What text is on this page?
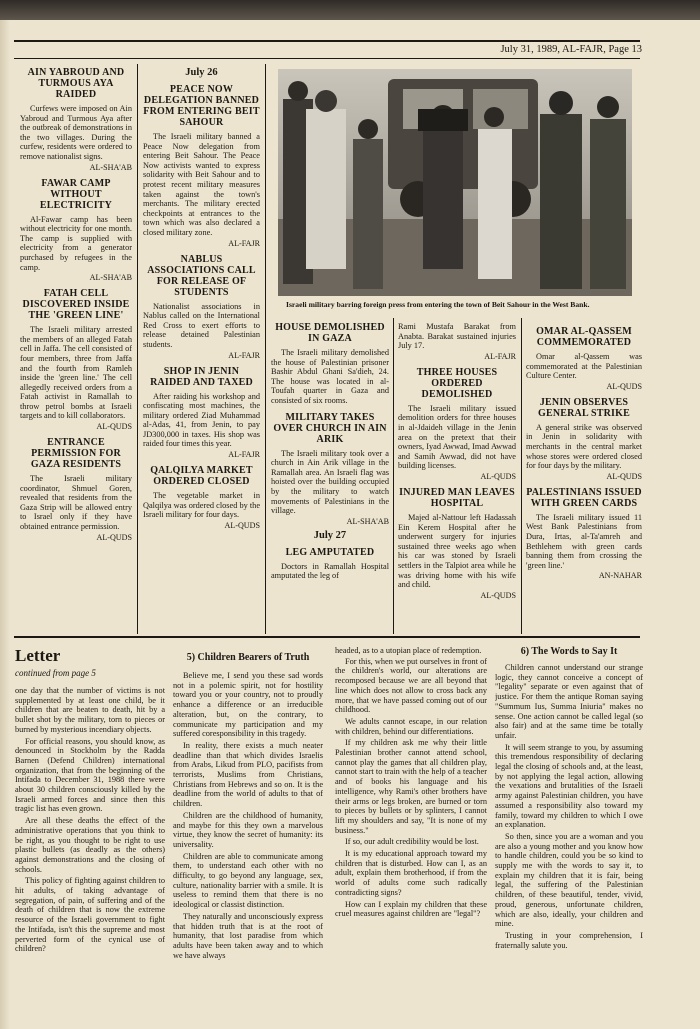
July 31, 1989, AL-FAJR, Page 13
AIN YABROUD AND TURMOUS AYA RAIDED
Curfews were imposed on Ain Yabroud and Turmous Aya after the outbreak of demonstrations in the two villages. During the curfew, residents were ordered to remove nationalist signs.
AL-SHA'AB
FAWAR CAMP WITHOUT ELECTRICITY
Al-Fawar camp has been without electricity for one month. The camp is supplied with electricity from a generator purchased by refugees in the camp.
AL-SHA'AB
FATAH CELL DISCOVERED INSIDE THE 'GREEN LINE'
The Israeli military arrested the members of an alleged Fatah cell in Jaffa. The cell consisted of four members, three from Jaffa and the fourth from Ramleh inside the 'green line.' The cell allegedly received orders from a Fatah activist in Ramallah to throw petrol bombs at Israeli targets and to kill collaborators.
AL-QUDS
ENTRANCE PERMISSION FOR GAZA RESIDENTS
The Israeli military coordinator, Shmuel Goren, revealed that residents from the Gaza Strip will be allowed entry to Israel only if they have obtained entrance permission.
AL-QUDS
July 26
PEACE NOW DELEGATION BANNED FROM ENTERING BEIT SAHOUR
The Israeli military banned a Peace Now delegation from entering Beit Sahour. The Peace Now activists wanted to express solidarity with Beit Sahour and to protest recent military measures taken against the town's merchants. The military erected checkpoints at entrances to the town which was also declared a closed military zone.
AL-FAJR
NABLUS ASSOCIATIONS CALL FOR RELEASE OF STUDENTS
Nationalist associations in Nablus called on the International Red Cross to exert efforts to release detained Palestinian students.
AL-FAJR
SHOP IN JENIN RAIDED AND TAXED
After raiding his workshop and confiscating most machines, the military ordered Ziad Muhammad al-Adas, 41, from Jenin, to pay JD300,000 in taxes. His shop was raided four times this year.
AL-FAJR
QALQILYA MARKET ORDERED CLOSED
The vegetable market in Qalqilya was ordered closed by the Israeli military for four days.
AL-QUDS
Israeli military barring foreign press from entering the town of Beit Sahour in the West Bank.
HOUSE DEMOLISHED IN GAZA
The Israeli military demolished the house of Palestinian prisoner Bashir Abdul Ghani Sa'dieh, 24. The house was located in al-Toufah quarter in Gaza and consisted of six rooms.
MILITARY TAKES OVER CHURCH IN AIN ARIK
The Israeli military took over a church in Ain Arik village in the Ramallah area. An Israeli flag was hoisted over the building occupied by the military to watch movements of Palestinians in the village.
AL-SHA'AB
July 27
LEG AMPUTATED
Doctors in Ramallah Hospital amputated the leg of
Rami Mustafa Barakat from Anabta. Barakat sustained injuries July 17.
AL-FAJR
THREE HOUSES ORDERED DEMOLISHED
The Israeli military issued demolition orders for three houses in al-Jdaideh village in the Jenin area on the pretext that their owners, Iyad Awwad, Imad Awwad and Samih Awwad, did not have building licenses.
AL-QUDS
INJURED MAN LEAVES HOSPITAL
Majed al-Nattour left Hadassah Ein Kerem Hospital after he underwent surgery for injuries sustained three weeks ago when his car was stoned by Israeli settlers in the Talpiot area while he was driving home with his wife and child.
AL-QUDS
OMAR AL-QASSEM COMMEMORATED
Omar al-Qassem was commemorated at the Palestinian Culture Center.
AL-QUDS
JENIN OBSERVES GENERAL STRIKE
A general strike was observed in Jenin in solidarity with merchants in the central market whose stores were ordered closed for four days by the military.
AL-QUDS
PALESTINIANS ISSUED WITH GREEN CARDS
The Israeli military issued 11 West Bank Palestinians from Dura, Irtas, al-Ta'amreh and Bethlehem with green cards banning them from crossing the 'green line.'
AN-NAHAR
Letter
continued from page 5
one day that the number of victims is not supplemented by at least one child, be it children that are beaten to death, hit by a bullet shot by the military, torn to pieces or burned by mysterious incendiary objects.
For official reasons, you should know, as denounced in Stockholm by the Radda Barnen (Defend Children) international organization, that from the beginning of the Intifada to December 31, 1988 there were about 30 children consciously killed by the Israeli armed forces and since then this tragic list has even grown.
Are all these deaths the effect of the administrative operations that you think to be right, as you thought to be right to use plastic bullets (as deadly as the others) against demonstrations and the closing of schools.
This policy of fighting against children to hit adults, of taking advantage of segregation, of pain, of suffering and of the death of children that is now the extreme resource of the Israeli government to fight the Intifada, isn't this the supreme and most perverted form of the cynical use of children?
5) Children Bearers of Truth
Believe me, I send you these sad words not in a polemic spirit, not for hostility toward you or your country, not to proudly enhance a difference or an irreducible alteration, but, on the contrary, to communicate my participation and my suffered coresponsibility in this tragedy.
In reality, there exists a much neater deadline than that which divides Israelis from Arabs, Likud from PLO, pacifists from terrorists, Muslims from Christians, Christians from Hebrews and so on. It is the deadline from the world of adults to that of children.
Children are the childhood of humanity, and maybe for this they own a marvelous virtue, they know the secret of humanity: its universality.
Children are able to communicate among them, to understand each other with no difficulty, to go beyond any language, sex, culture, nationality barrier with a smile. It is useless to remind them that there is no ideological or classist distinction.
They naturally and unconsciously express that hidden truth that is at the root of humanity, that lost paradise from which adults have been taken away and to which we have always
headed, as to a utopian place of redemption.
For this, when we put ourselves in front of the children's world, our alterations are recomposed because we are all beyond that line which does not allow to cross back any more, that we have passed coming out of our childhood.
We adults cannot escape, in our relation with children, behind our differentiations.
If my children ask me why their little Palestinian brother cannot attend school, cannot play the games that all children play, cannot start to train with the help of a teacher and of books his language and his intelligence, why Rami's other brothers have their arms or legs broken, are burned or torn to pieces by bullets or by splinters, I cannot lift my shoulders and say, "It is none of my business."
If so, our adult credibility would be lost.
It is my educational approach toward my children that is disturbed. How can I, as an adult, explain them brotherhood, if from the world of adults come such radically contradicting signs?
How can I explain my children that these cruel measures against children are "legal"?
6) The Words to Say It
Children cannot understand our strange logic, they cannot conceive a concept of "legality" separate or even against that of justice. For them the antique Roman saying "Summum Ius, Summa Iniuria" makes no sense. One action cannot be called legal (so also fair) and at the same time be totally unfair.
It will seem strange to you, by assuming this tremendous responsibility of declaring legal the closing of schools and, at the least, by not applying the legal action, allowing the vexations and brutalities of the Israeli army against Palestinian children, you have assumed a responsibility also toward my family, toward my children to which I owe an explanation.
So then, since you are a woman and you are also a young mother and you know how to handle children, could you be so kind to supply me with the words to say it, to explain my children that it is fair, being legal, the suffering of the Palestinian children, of these beautiful, tender, vivid, proud, generous, unfortunate children, which are also, ideally, your children and mine.
Trusting in your comprehension, I fraternally salute you.
